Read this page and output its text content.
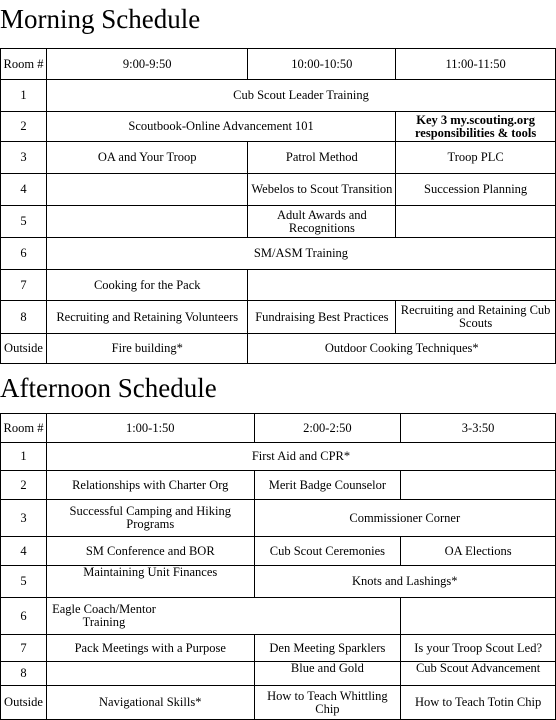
Morning Schedule
Room #	9:00-9:50	10:00-10:50	11:00-11:50
1	Cub Scout Leader Training		
2	Scoutbook-Online Advancement 101		Key 3 my.scouting.org responsibilities & tools
3	OA and Your Troop	Patrol Method	Troop PLC
4		Webelos to Scout Transition	Succession Planning
5		Adult Awards and Recognitions	
6	SM/ASM Training		
7	Cooking for the Pack		
8	Recruiting and Retaining Volunteers	Fundraising Best Practices	Recruiting and Retaining Cub Scouts
Outside	Fire building*	Outdoor Cooking Techniques*	
Afternoon Schedule
Room #	1:00-1:50	2:00-2:50	3-3:50
1	First Aid and CPR*		
2	Relationships with Charter Org	Merit Badge Counselor	
3	Successful Camping and Hiking Programs	Commissioner Corner	
4	SM Conference and BOR	Cub Scout Ceremonies	OA Elections
5	Maintaining Unit Finances	Knots and Lashings*	
6	Eagle Coach/Mentor Training		
7	Pack Meetings with a Purpose	Den Meeting Sparklers	Is your Troop Scout Led?
8		Blue and Gold	Cub Scout Advancement
Outside	Navigational Skills*	How to Teach Whittling Chip	How to Teach Totin Chip
